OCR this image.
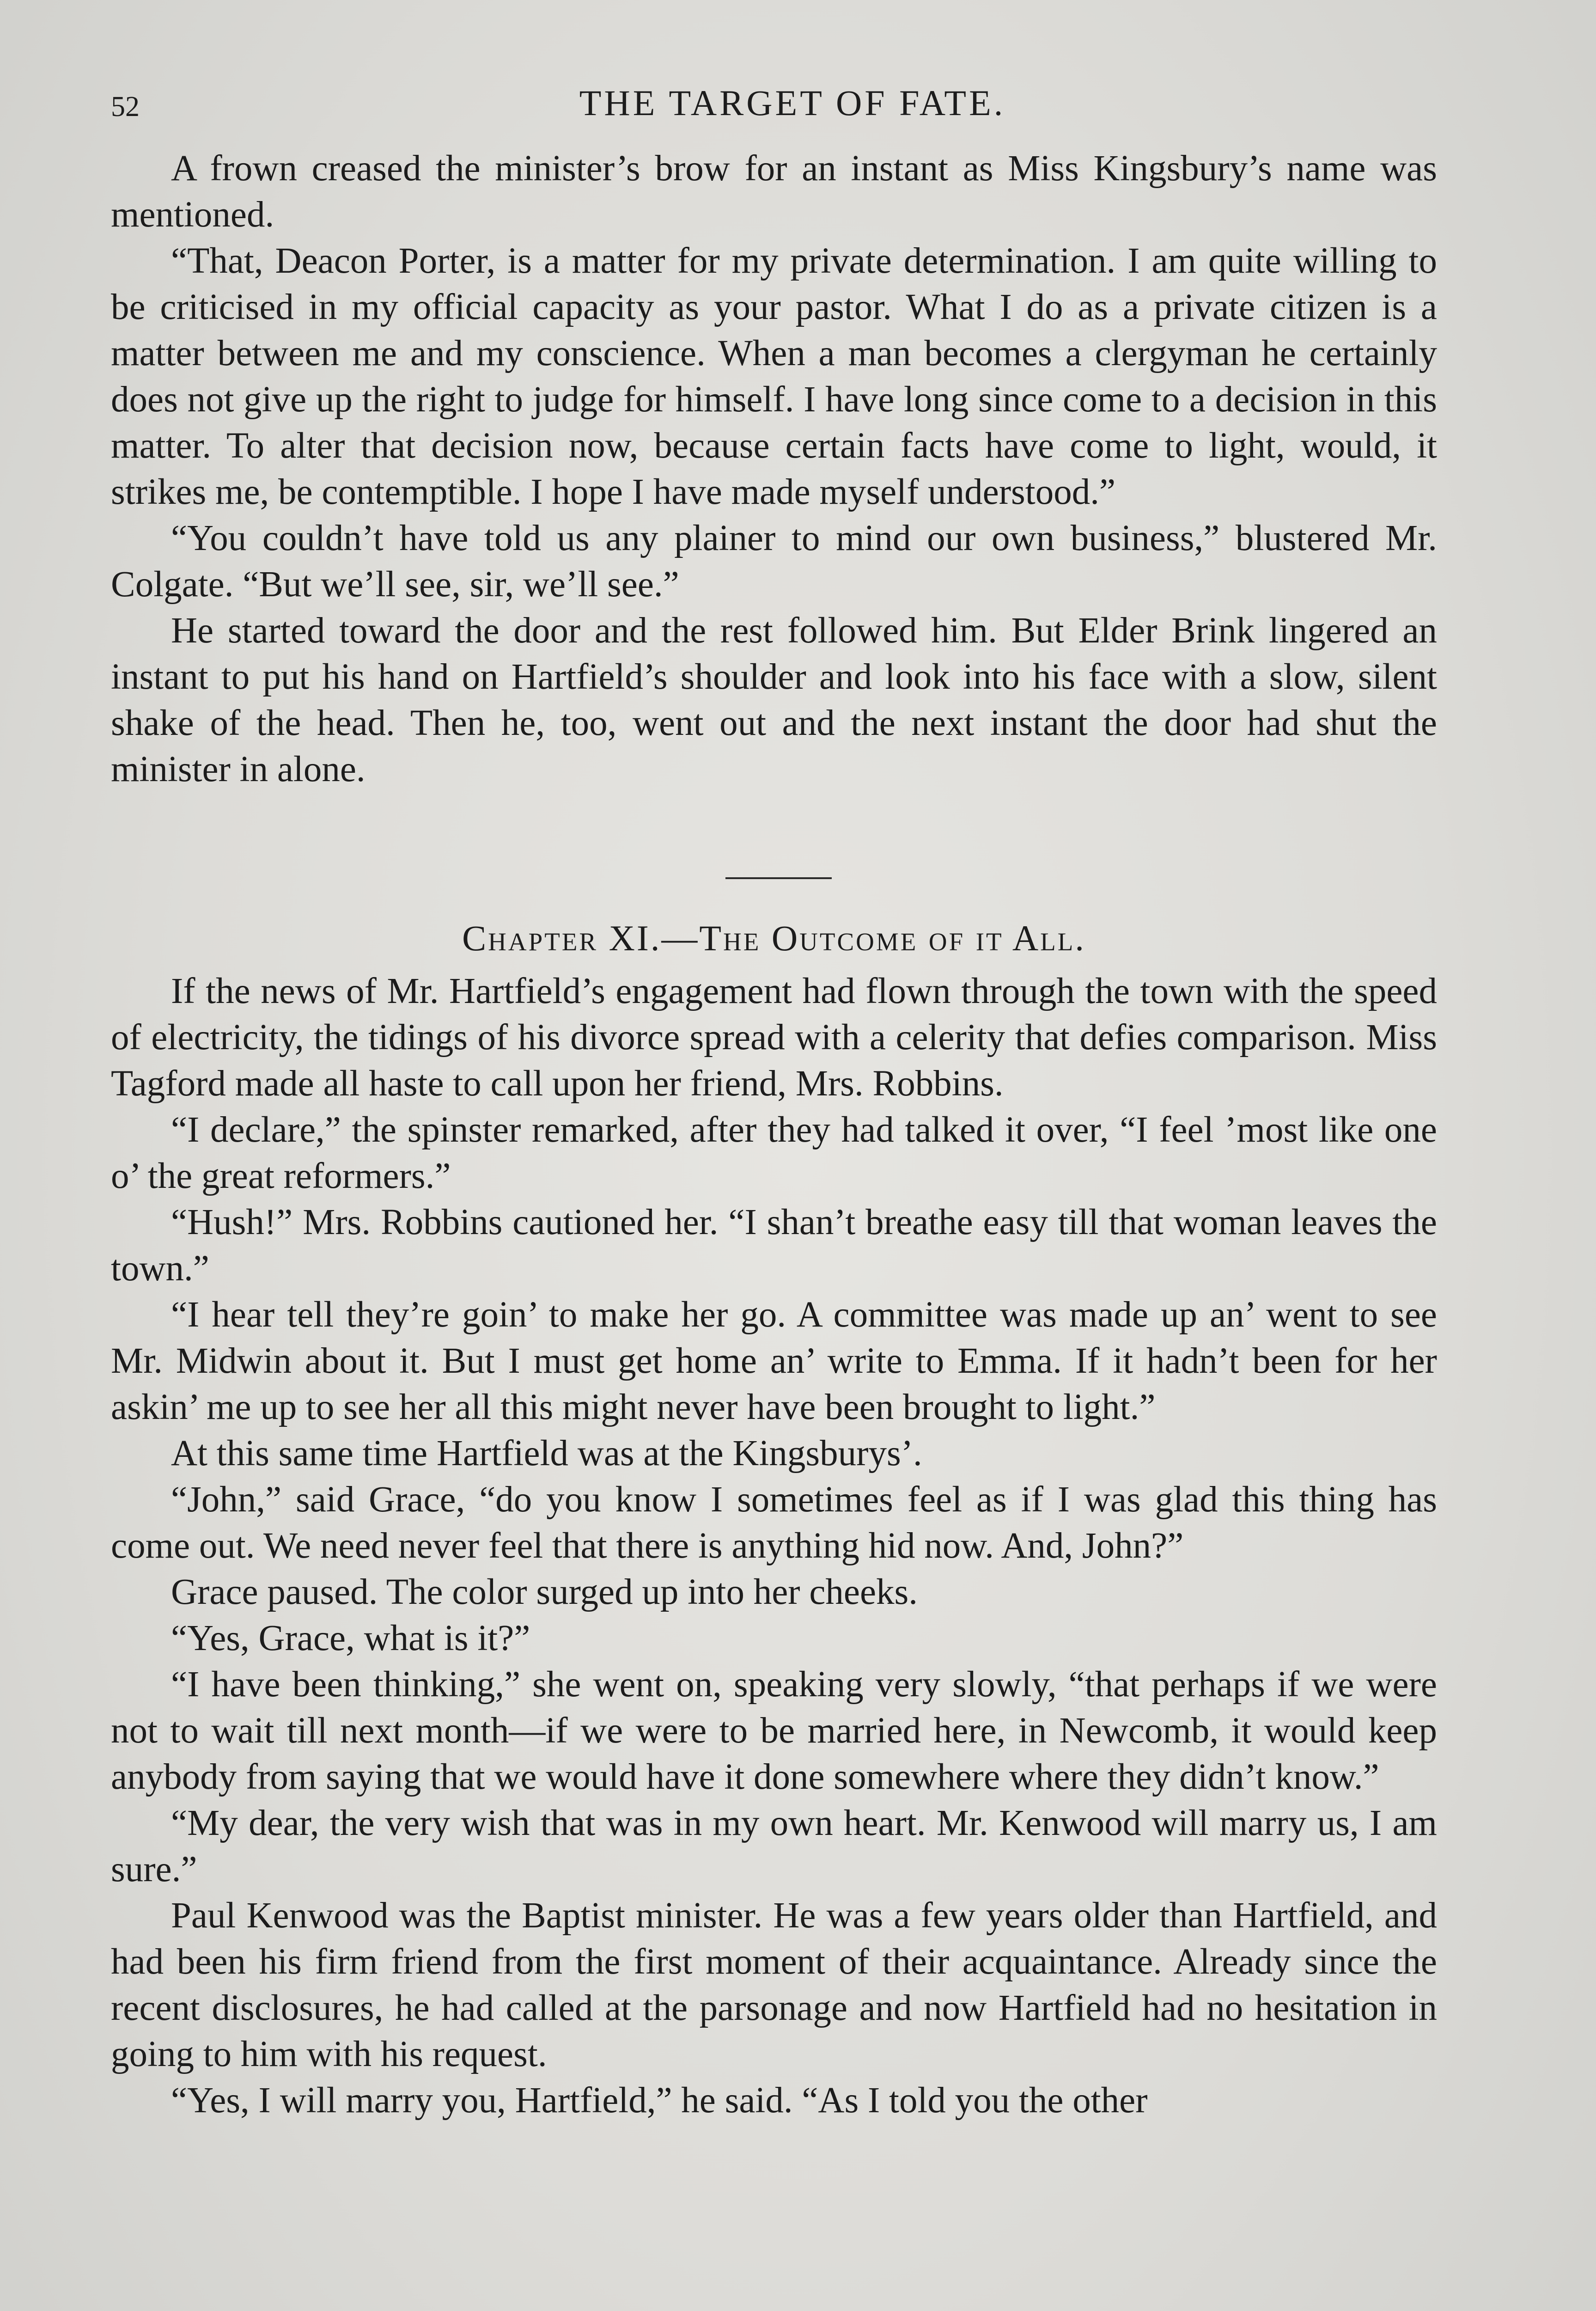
52	THE TARGET OF FATE.

A frown creased the minister’s brow for an instant as Miss Kingsbury’s name was mentioned.

“That, Deacon Porter, is a matter for my private determination. I am quite willing to be criticised in my official capacity as your pastor. What I do as a private citizen is a matter between me and my conscience. When a man becomes a clergyman he certainly does not give up the right to judge for himself. I have long since come to a decision in this matter. To alter that decision now, because certain facts have come to light, would, it strikes me, be contemptible. I hope I have made myself understood.”

“You couldn’t have told us any plainer to mind our own business,” blustered Mr. Colgate. “But we’ll see, sir, we’ll see.”

He started toward the door and the rest followed him. But Elder Brink lingered an instant to put his hand on Hartfield’s shoulder and look into his face with a slow, silent shake of the head. Then he, too, went out and the next instant the door had shut the minister in alone.

Chapter XI.—The Outcome of it All.

If the news of Mr. Hartfield’s engagement had flown through the town with the speed of electricity, the tidings of his divorce spread with a celerity that defies comparison. Miss Tagford made all haste to call upon her friend, Mrs. Robbins.

“I declare,” the spinster remarked, after they had talked it over, “I feel ’most like one o’ the great reformers.”

“Hush!” Mrs. Robbins cautioned her. “I shan’t breathe easy till that woman leaves the town.”

“I hear tell they’re goin’ to make her go. A committee was made up an’ went to see Mr. Midwin about it. But I must get home an’ write to Emma. If it hadn’t been for her askin’ me up to see her all this might never have been brought to light.”

At this same time Hartfield was at the Kingsburys’.

“John,” said Grace, “do you know I sometimes feel as if I was glad this thing has come out. We need never feel that there is anything hid now. And, John?”

Grace paused. The color surged up into her cheeks.

“Yes, Grace, what is it?”

“I have been thinking,” she went on, speaking very slowly, “that perhaps if we were not to wait till next month—if we were to be married here, in Newcomb, it would keep anybody from saying that we would have it done somewhere where they didn’t know.”

“My dear, the very wish that was in my own heart. Mr. Kenwood will marry us, I am sure.”

Paul Kenwood was the Baptist minister. He was a few years older than Hartfield, and had been his firm friend from the first moment of their acquaintance. Already since the recent disclosures, he had called at the parsonage and now Hartfield had no hesitation in going to him with his request.

“Yes, I will marry you, Hartfield,” he said. “As I told you the other
